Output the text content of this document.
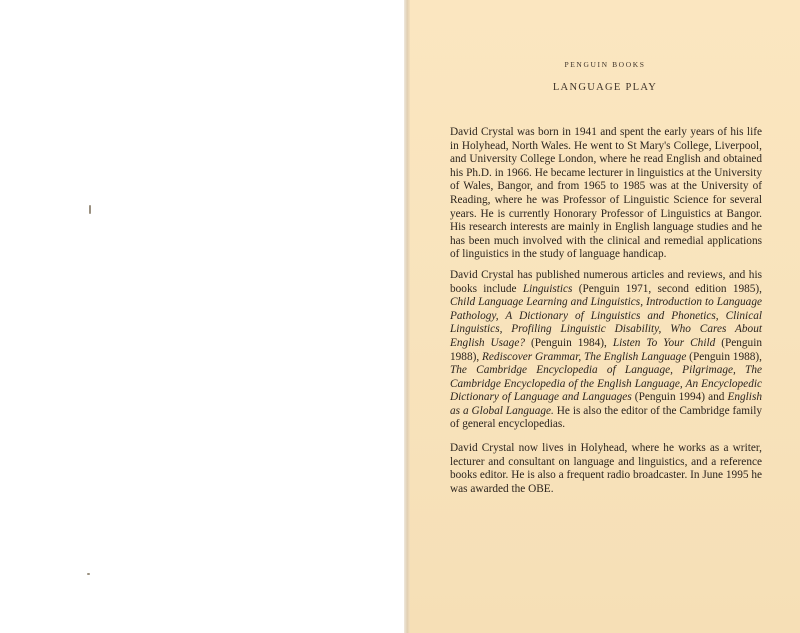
PENGUIN BOOKS
LANGUAGE PLAY

David Crystal was born in 1941 and spent the early years of his life in Holyhead, North Wales. He went to St Mary's College, Liverpool, and University College London, where he read English and obtained his Ph.D. in 1966. He became lecturer in linguistics at the University of Wales, Bangor, and from 1965 to 1985 was at the University of Reading, where he was Professor of Linguistic Science for several years. He is currently Honorary Professor of Linguistics at Bangor. His research interests are mainly in English language studies and he has been much involved with the clinical and remedial applications of linguistics in the study of language handicap.

David Crystal has published numerous articles and reviews, and his books include Linguistics (Penguin 1971, second edition 1985), Child Language Learning and Linguistics, Introduction to Language Pathology, A Dictionary of Linguistics and Phonetics, Clinical Linguistics, Profiling Linguistic Disability, Who Cares About English Usage? (Penguin 1984), Listen To Your Child (Penguin 1988), Rediscover Grammar, The English Language (Penguin 1988), The Cambridge Encyclopedia of Language, Pilgrimage, The Cambridge Encyclopedia of the English Language, An Encyclopedic Dictionary of Language and Languages (Penguin 1994) and English as a Global Language. He is also the editor of the Cambridge family of general encyclopedias.

David Crystal now lives in Holyhead, where he works as a writer, lecturer and consultant on language and linguistics, and a reference books editor. He is also a frequent radio broadcaster. In June 1995 he was awarded the OBE.
